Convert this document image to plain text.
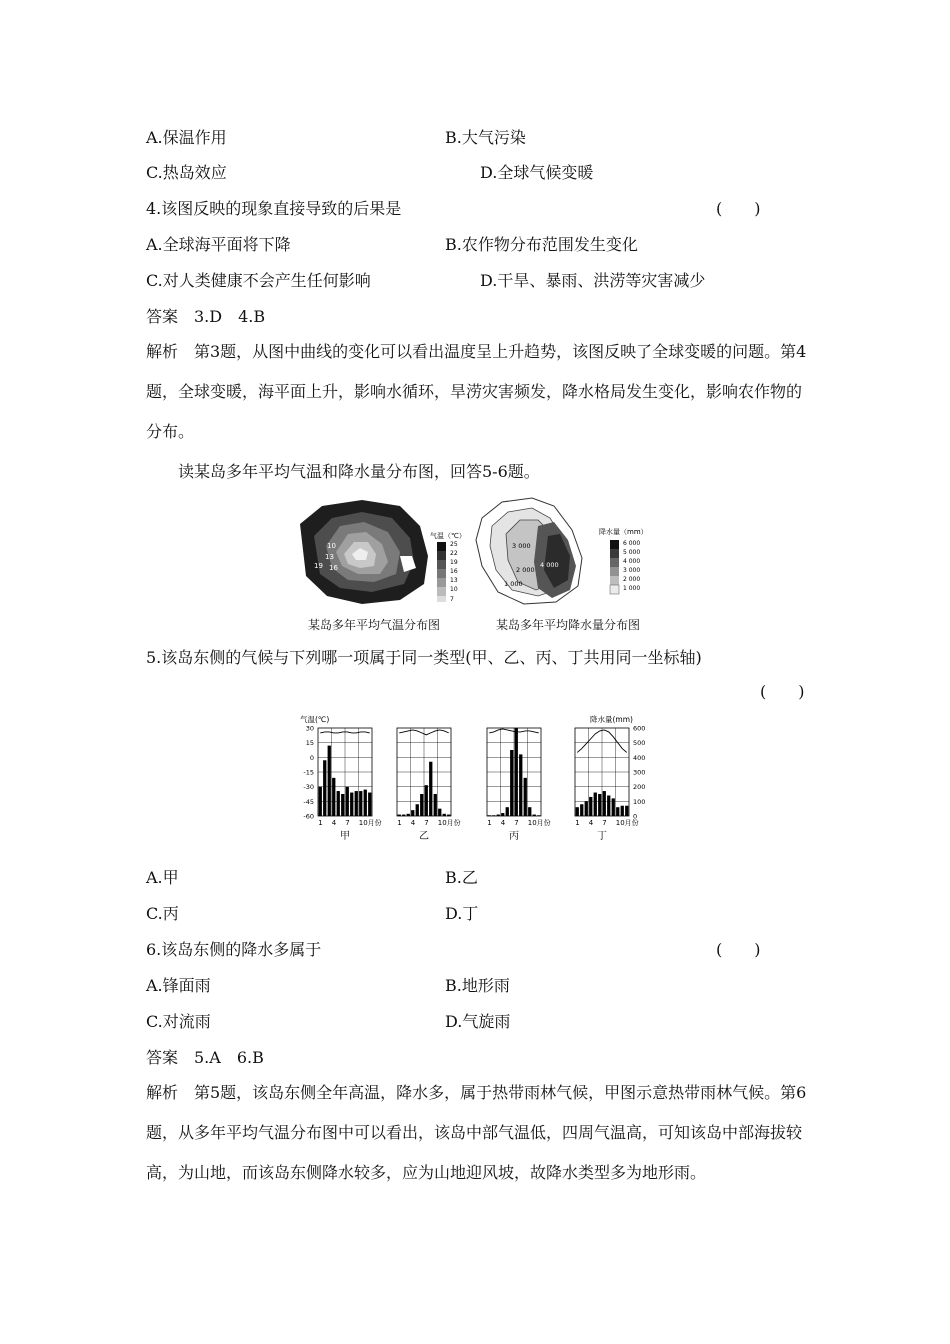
A.保温作用	B.大气污染
C.热岛效应	D.全球气候变暖
4.该图反映的现象直接导致的后果是	(　　)
A.全球海平面将下降	B.农作物分布范围发生变化
C.对人类健康不会产生任何影响	D.干旱、暴雨、洪涝等灾害减少
答案　3.D　4.B
解析　第3题，从图中曲线的变化可以看出温度呈上升趋势，该图反映了全球变暖的问题。第4题，全球变暖，海平面上升，影响水循环，旱涝灾害频发，降水格局发生变化，影响农作物的分布。
读某岛多年平均气温和降水量分布图，回答5-6题。
10
13
16
19
气温（℃）
25
22
19
16
13
10
7
3 000
4 000
2 000
1 000
降水量（mm）
6 000
5 000
4 000
3 000
2 000
1 000
某岛多年平均气温分布图	某岛多年平均降水量分布图
5.该岛东侧的气候与下列哪一项属于同一类型(甲、乙、丙、丁共用同一坐标轴)
(　　)
气温(℃)	降水量(mm)
1 4 7 10月份
甲
1 4 7 10月份
乙
1 4 7 10月份
丙
1 4 7 10月份
丁
30
15
0
-15
-30
-45
-60
600
500
400
300
200
100
0
A.甲	B.乙
C.丙	D.丁
6.该岛东侧的降水多属于	(　　)
A.锋面雨	B.地形雨
C.对流雨	D.气旋雨
答案　5.A　6.B
解析　第5题，该岛东侧全年高温，降水多，属于热带雨林气候，甲图示意热带雨林气候。第6题，从多年平均气温分布图中可以看出，该岛中部气温低，四周气温高，可知该岛中部海拔较高，为山地，而该岛东侧降水较多，应为山地迎风坡，故降水类型多为地形雨。
